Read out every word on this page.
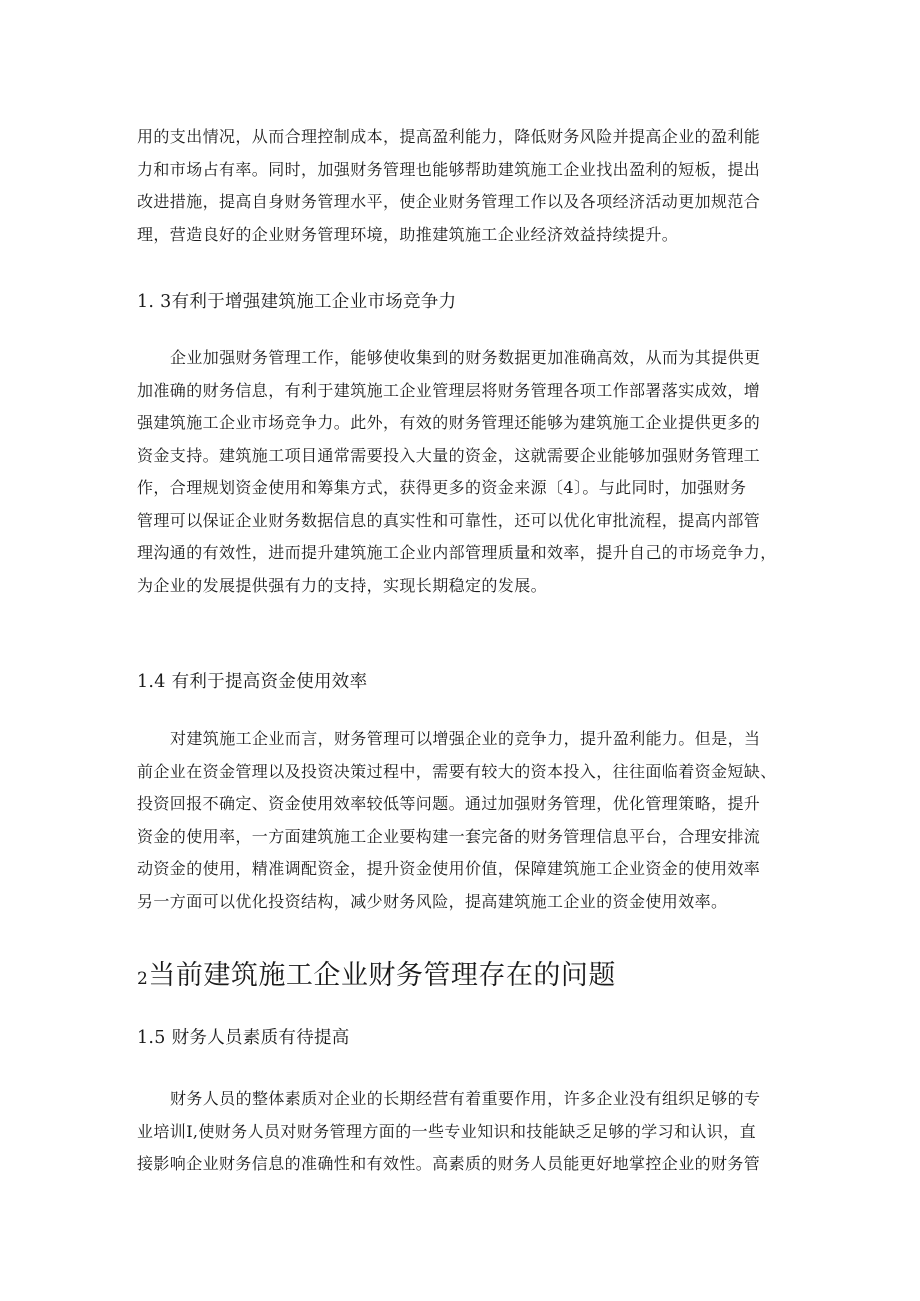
用的支出情况，从而合理控制成本，提高盈利能力，降低财务风险并提高企业的盈利能
力和市场占有率。同时，加强财务管理也能够帮助建筑施工企业找出盈利的短板，提出
改进措施，提高自身财务管理水平，使企业财务管理工作以及各项经济活动更加规范合
理，营造良好的企业财务管理环境，助推建筑施工企业经济效益持续提升。

1. 3有利于增强建筑施工企业市场竞争力

企业加强财务管理工作，能够使收集到的财务数据更加准确高效，从而为其提供更
加准确的财务信息，有利于建筑施工企业管理层将财务管理各项工作部署落实成效，增
强建筑施工企业市场竞争力。此外，有效的财务管理还能够为建筑施工企业提供更多的
资金支持。建筑施工项目通常需要投入大量的资金，这就需要企业能够加强财务管理工
作，合理规划资金使用和筹集方式，获得更多的资金来源〔4〕。与此同时，加强财务
管理可以保证企业财务数据信息的真实性和可靠性，还可以优化审批流程，提高内部管
理沟通的有效性，进而提升建筑施工企业内部管理质量和效率，提升自己的市场竞争力，
为企业的发展提供强有力的支持，实现长期稳定的发展。

1.4 有利于提高资金使用效率

对建筑施工企业而言，财务管理可以增强企业的竞争力，提升盈利能力。但是，当
前企业在资金管理以及投资决策过程中，需要有较大的资本投入，往往面临着资金短缺、
投资回报不确定、资金使用效率较低等问题。通过加强财务管理，优化管理策略，提升
资金的使用率，一方面建筑施工企业要构建一套完备的财务管理信息平台，合理安排流
动资金的使用，精准调配资金，提升资金使用价值，保障建筑施工企业资金的使用效率
另一方面可以优化投资结构，减少财务风险，提高建筑施工企业的资金使用效率。

2当前建筑施工企业财务管理存在的问题

1.5 财务人员素质有待提高

财务人员的整体素质对企业的长期经营有着重要作用，许多企业没有组织足够的专
业培训I,使财务人员对财务管理方面的一些专业知识和技能缺乏足够的学习和认识，直
接影响企业财务信息的准确性和有效性。高素质的财务人员能更好地掌控企业的财务管
